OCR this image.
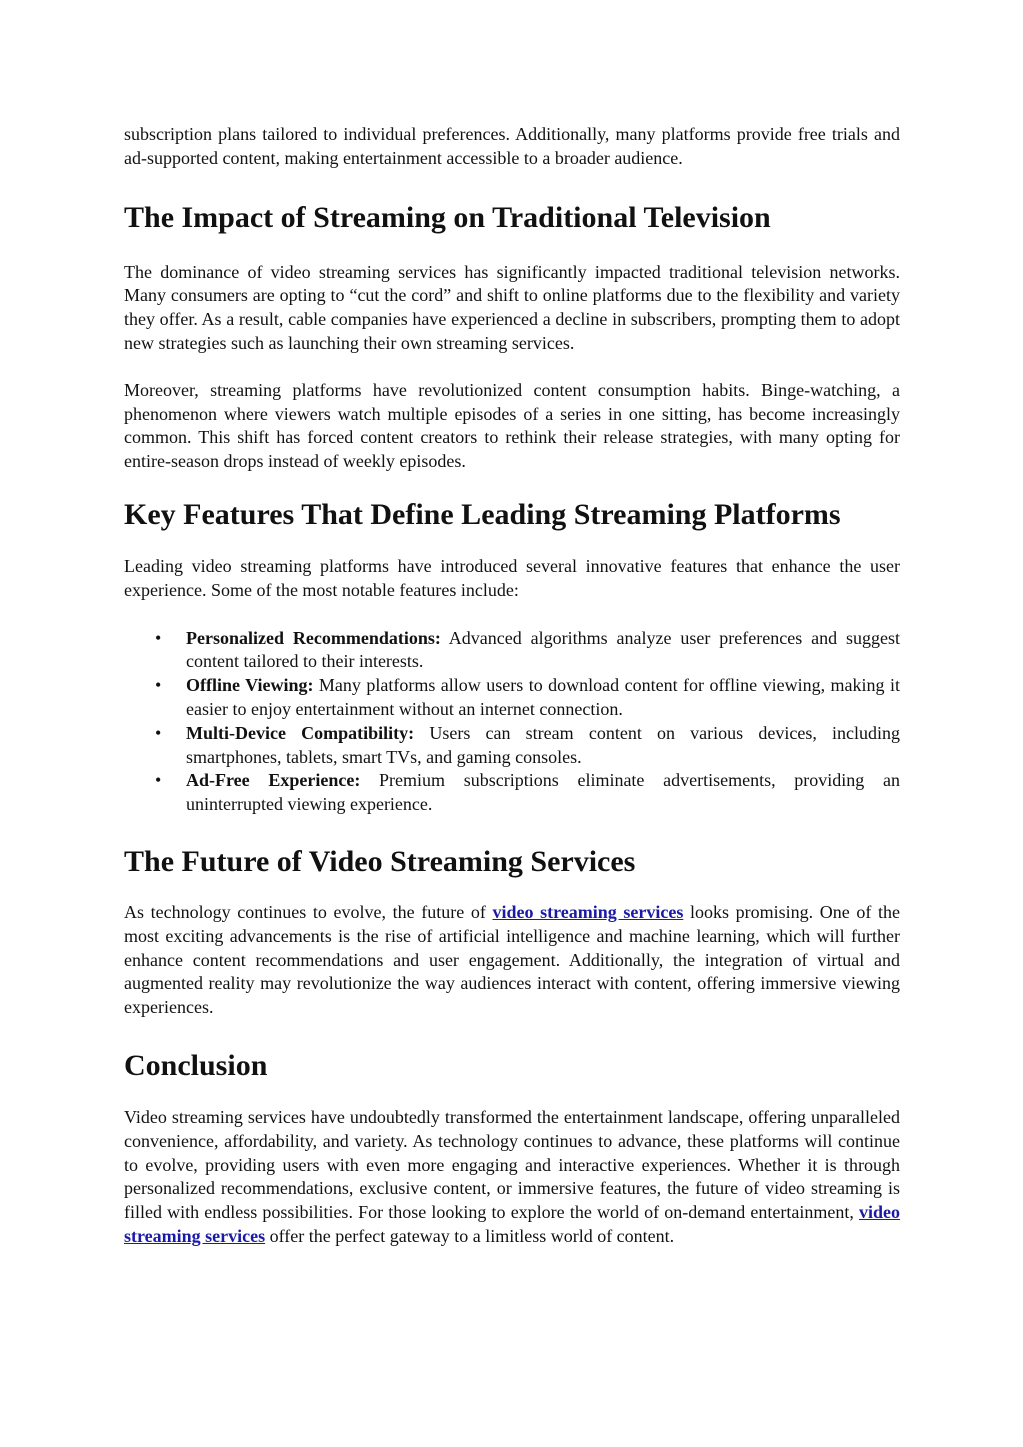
subscription plans tailored to individual preferences. Additionally, many platforms provide free trials and ad-supported content, making entertainment accessible to a broader audience.

The Impact of Streaming on Traditional Television

The dominance of video streaming services has significantly impacted traditional television networks. Many consumers are opting to “cut the cord” and shift to online platforms due to the flexibility and variety they offer. As a result, cable companies have experienced a decline in subscribers, prompting them to adopt new strategies such as launching their own streaming services.

Moreover, streaming platforms have revolutionized content consumption habits. Binge-watching, a phenomenon where viewers watch multiple episodes of a series in one sitting, has become increasingly common. This shift has forced content creators to rethink their release strategies, with many opting for entire-season drops instead of weekly episodes.

Key Features That Define Leading Streaming Platforms

Leading video streaming platforms have introduced several innovative features that enhance the user experience. Some of the most notable features include:

• Personalized Recommendations: Advanced algorithms analyze user preferences and suggest content tailored to their interests.
• Offline Viewing: Many platforms allow users to download content for offline viewing, making it easier to enjoy entertainment without an internet connection.
• Multi-Device Compatibility: Users can stream content on various devices, including smartphones, tablets, smart TVs, and gaming consoles.
• Ad-Free Experience: Premium subscriptions eliminate advertisements, providing an uninterrupted viewing experience.
The Future of Video Streaming Services

As technology continues to evolve, the future of video streaming services looks promising. One of the most exciting advancements is the rise of artificial intelligence and machine learning, which will further enhance content recommendations and user engagement. Additionally, the integration of virtual and augmented reality may revolutionize the way audiences interact with content, offering immersive viewing experiences.

Conclusion

Video streaming services have undoubtedly transformed the entertainment landscape, offering unparalleled convenience, affordability, and variety. As technology continues to advance, these platforms will continue to evolve, providing users with even more engaging and interactive experiences. Whether it is through personalized recommendations, exclusive content, or immersive features, the future of video streaming is filled with endless possibilities. For those looking to explore the world of on-demand entertainment, video streaming services offer the perfect gateway to a limitless world of content.
